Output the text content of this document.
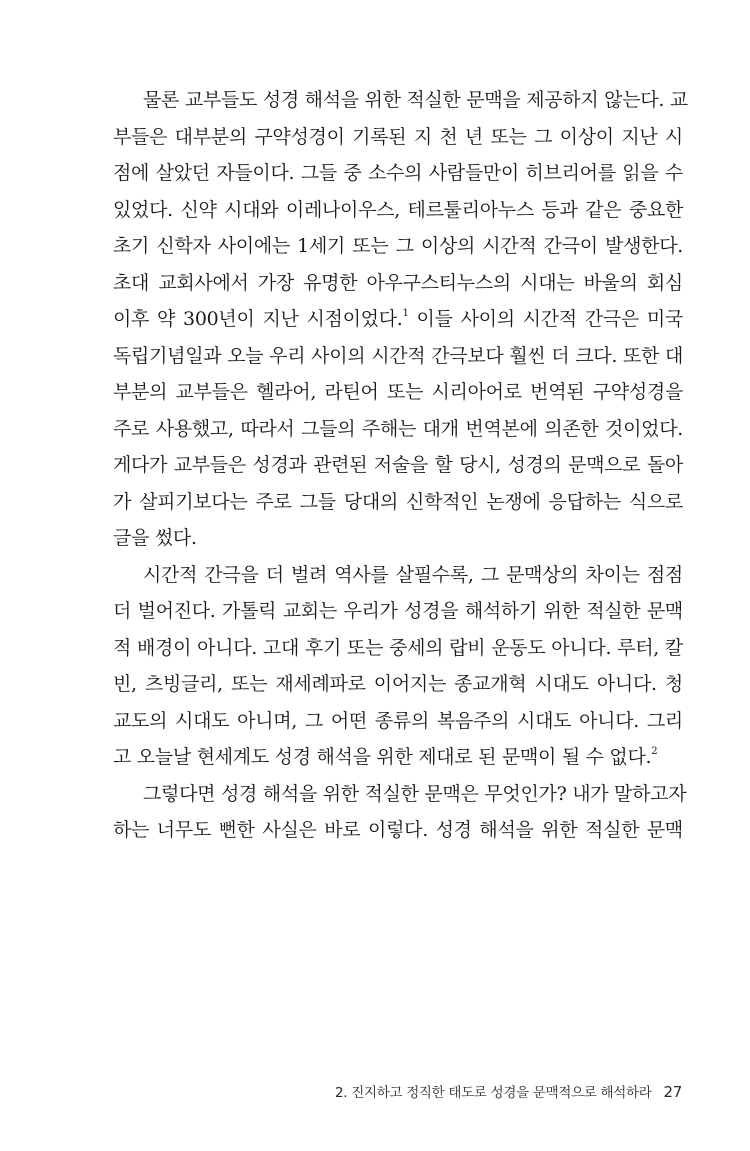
물론 교부들도 성경 해석을 위한 적실한 문맥을 제공하지 않는다. 교
부들은 대부분의 구약성경이 기록된 지 천 년 또는 그 이상이 지난 시
점에 살았던 자들이다. 그들 중 소수의 사람들만이 히브리어를 읽을 수
있었다. 신약 시대와 이레나이우스, 테르툴리아누스 등과 같은 중요한
초기 신학자 사이에는 1세기 또는 그 이상의 시간적 간극이 발생한다.
초대 교회사에서 가장 유명한 아우구스티누스의 시대는 바울의 회심
이후 약 300년이 지난 시점이었다.$^1$ 이들 사이의 시간적 간극은 미국
독립기념일과 오늘 우리 사이의 시간적 간극보다 훨씬 더 크다. 또한 대
부분의 교부들은 헬라어, 라틴어 또는 시리아어로 번역된 구약성경을
주로 사용했고, 따라서 그들의 주해는 대개 번역본에 의존한 것이었다.
게다가 교부들은 성경과 관련된 저술을 할 당시, 성경의 문맥으로 돌아
가 살피기보다는 주로 그들 당대의 신학적인 논쟁에 응답하는 식으로
글을 썼다.
시간적 간극을 더 벌려 역사를 살필수록, 그 문맥상의 차이는 점점
더 벌어진다. 가톨릭 교회는 우리가 성경을 해석하기 위한 적실한 문맥
적 배경이 아니다. 고대 후기 또는 중세의 랍비 운동도 아니다. 루터, 칼
빈, 츠빙글리, 또는 재세례파로 이어지는 종교개혁 시대도 아니다. 청
교도의 시대도 아니며, 그 어떤 종류의 복음주의 시대도 아니다. 그리
고 오늘날 현세계도 성경 해석을 위한 제대로 된 문맥이 될 수 없다.$^2$
그렇다면 성경 해석을 위한 적실한 문맥은 무엇인가? 내가 말하고자
하는 너무도 뻔한 사실은 바로 이렇다. 성경 해석을 위한 적실한 문맥
2. 진지하고 정직한 태도로 성경을 문맥적으로 해석하라 27
